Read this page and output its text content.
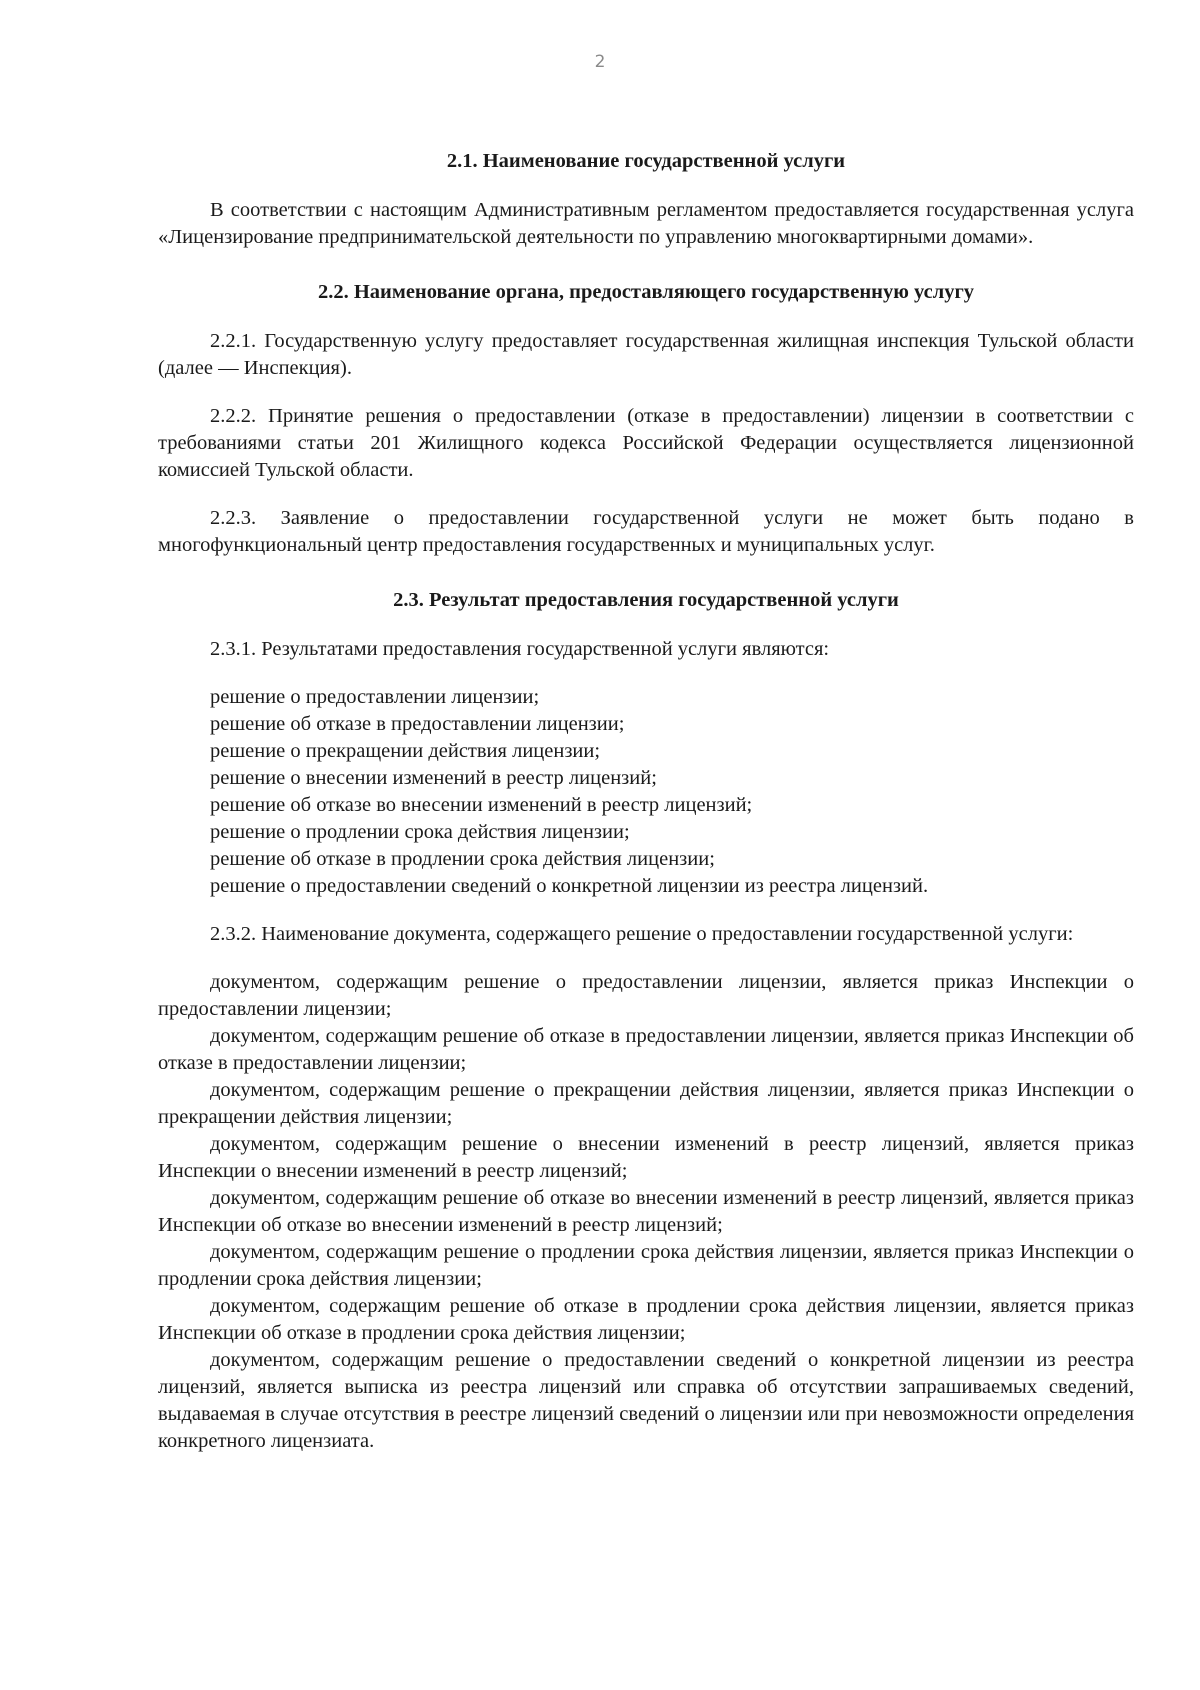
2
2.1. Наименование государственной услуги

В соответствии с настоящим Административным регламентом предоставляется государственная услуга «Лицензирование предпринимательской деятельности по управлению многоквартирными домами».

2.2. Наименование органа, предоставляющего государственную услугу

2.2.1. Государственную услугу предоставляет государственная жилищная инспекция Тульской области (далее — Инспекция).

2.2.2. Принятие решения о предоставлении (отказе в предоставлении) лицензии в соответствии с требованиями статьи 201 Жилищного кодекса Российской Федерации осуществляется лицензионной комиссией Тульской области.

2.2.3. Заявление о предоставлении государственной услуги не может быть подано в многофункциональный центр предоставления государственных и муниципальных услуг.

2.3. Результат предоставления государственной услуги

2.3.1. Результатами предоставления государственной услуги являются:

решение о предоставлении лицензии;
решение об отказе в предоставлении лицензии;
решение о прекращении действия лицензии;
решение о внесении изменений в реестр лицензий;
решение об отказе во внесении изменений в реестр лицензий;
решение о продлении срока действия лицензии;
решение об отказе в продлении срока действия лицензии;
решение о предоставлении сведений о конкретной лицензии из реестра лицензий.

2.3.2. Наименование документа, содержащего решение о предоставлении государственной услуги:

документом, содержащим решение о предоставлении лицензии, является приказ Инспекции о предоставлении лицензии;

документом, содержащим решение об отказе в предоставлении лицензии, является приказ Инспекции об отказе в предоставлении лицензии;

документом, содержащим решение о прекращении действия лицензии, является приказ Инспекции о прекращении действия лицензии;

документом, содержащим решение о внесении изменений в реестр лицензий, является приказ Инспекции о внесении изменений в реестр лицензий;

документом, содержащим решение об отказе во внесении изменений в реестр лицензий, является приказ Инспекции об отказе во внесении изменений в реестр лицензий;

документом, содержащим решение о продлении срока действия лицензии, является приказ Инспекции о продлении срока действия лицензии;

документом, содержащим решение об отказе в продлении срока действия лицензии, является приказ Инспекции об отказе в продлении срока действия лицензии;

документом, содержащим решение о предоставлении сведений о конкретной лицензии из реестра лицензий, является выписка из реестра лицензий или справка об отсутствии запрашиваемых сведений, выдаваемая в случае отсутствия в реестре лицензий сведений о лицензии или при невозможности определения конкретного лицензиата.
